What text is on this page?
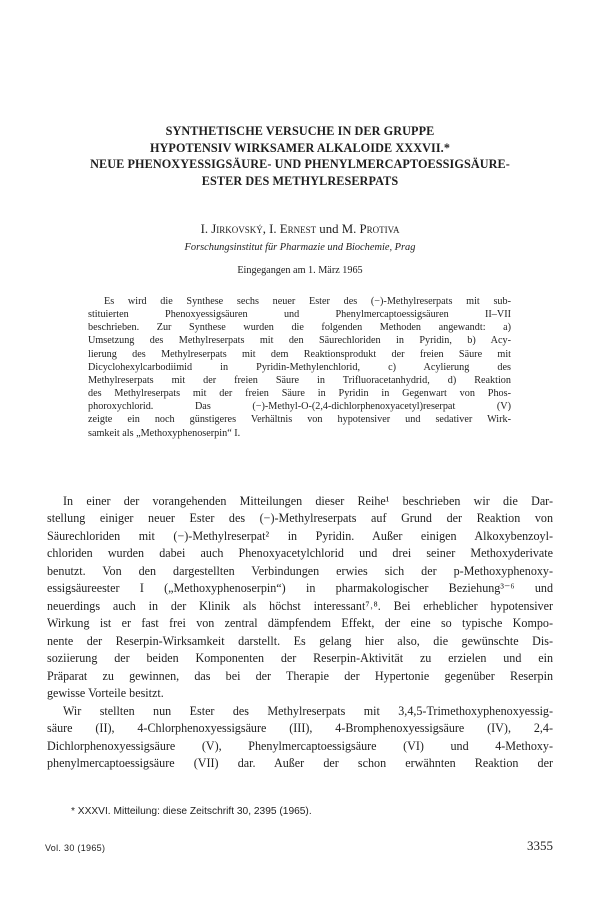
SYNTHETISCHE VERSUCHE IN DER GRUPPE
HYPOTENSIV WIRKSAMER ALKALOIDE XXXVII.*
NEUE PHENOXYESSIGSÄURE- UND PHENYLMERCAPTOESSIGSÄURE-
ESTER DES METHYLRESERPATS
I. Jirkovský, I. Ernest und M. Protiva
Forschungsinstitut für Pharmazie und Biochemie, Prag
Eingegangen am 1. März 1965
Es wird die Synthese sechs neuer Ester des (−)-Methylreserpats mit sub-
stituierten Phenoxyessigsäuren und Phenylmercaptoessigsäuren II–VII
beschrieben. Zur Synthese wurden die folgenden Methoden angewandt: a)
Umsetzung des Methylreserpats mit den Säurechloriden in Pyridin, b) Acy-
lierung des Methylreserpats mit dem Reaktionsprodukt der freien Säure mit
Dicyclohexylcarbodiimid in Pyridin-Methylenchlorid, c) Acylierung des
Methylreserpats mit der freien Säure in Trifluoracetanhydrid, d) Reaktion
des Methylreserpats mit der freien Säure in Pyridin in Gegenwart von Phos-
phoroxychlorid. Das (−)-Methyl-O-(2,4-dichlorphenoxyacetyl)reserpat (V)
zeigte ein noch günstigeres Verhältnis von hypotensiver und sedativer Wirk-
samkeit als „Methoxyphenoserpin“ I.
In einer der vorangehenden Mitteilungen dieser Reihe¹ beschrieben wir die Dar-
stellung einiger neuer Ester des (−)-Methylreserpats auf Grund der Reaktion von
Säurechloriden mit (−)-Methylreserpat² in Pyridin. Außer einigen Alkoxybenzoyl-
chloriden wurden dabei auch Phenoxyacetylchlorid und drei seiner Methoxyderivate
benutzt. Von den dargestellten Verbindungen erwies sich der p-Methoxyphenoxy-
essigsäureester I („Methoxyphenoserpin“) in pharmakologischer Beziehung³⁻⁶ und
neuerdings auch in der Klinik als höchst interessant⁷˒⁸. Bei erheblicher hypotensiver
Wirkung ist er fast frei von zentral dämpfendem Effekt, der eine so typische Kompo-
nente der Reserpin-Wirksamkeit darstellt. Es gelang hier also, die gewünschte Dis-
soziierung der beiden Komponenten der Reserpin-Aktivität zu erzielen und ein
Präparat zu gewinnen, das bei der Therapie der Hypertonie gegenüber Reserpin
gewisse Vorteile besitzt.
Wir stellten nun Ester des Methylreserpats mit 3,4,5-Trimethoxyphenoxyessig-
säure (II), 4-Chlorphenoxyessigsäure (III), 4-Bromphenoxyessigsäure (IV), 2,4-
Dichlorphenoxyessigsäure (V), Phenylmercaptoessigsäure (VI) und 4-Methoxy-
phenylmercaptoessigsäure (VII) dar. Außer der schon erwähnten Reaktion der
* XXXVI. Mitteilung: diese Zeitschrift 30, 2395 (1965).
Vol. 30 (1965)	3355
